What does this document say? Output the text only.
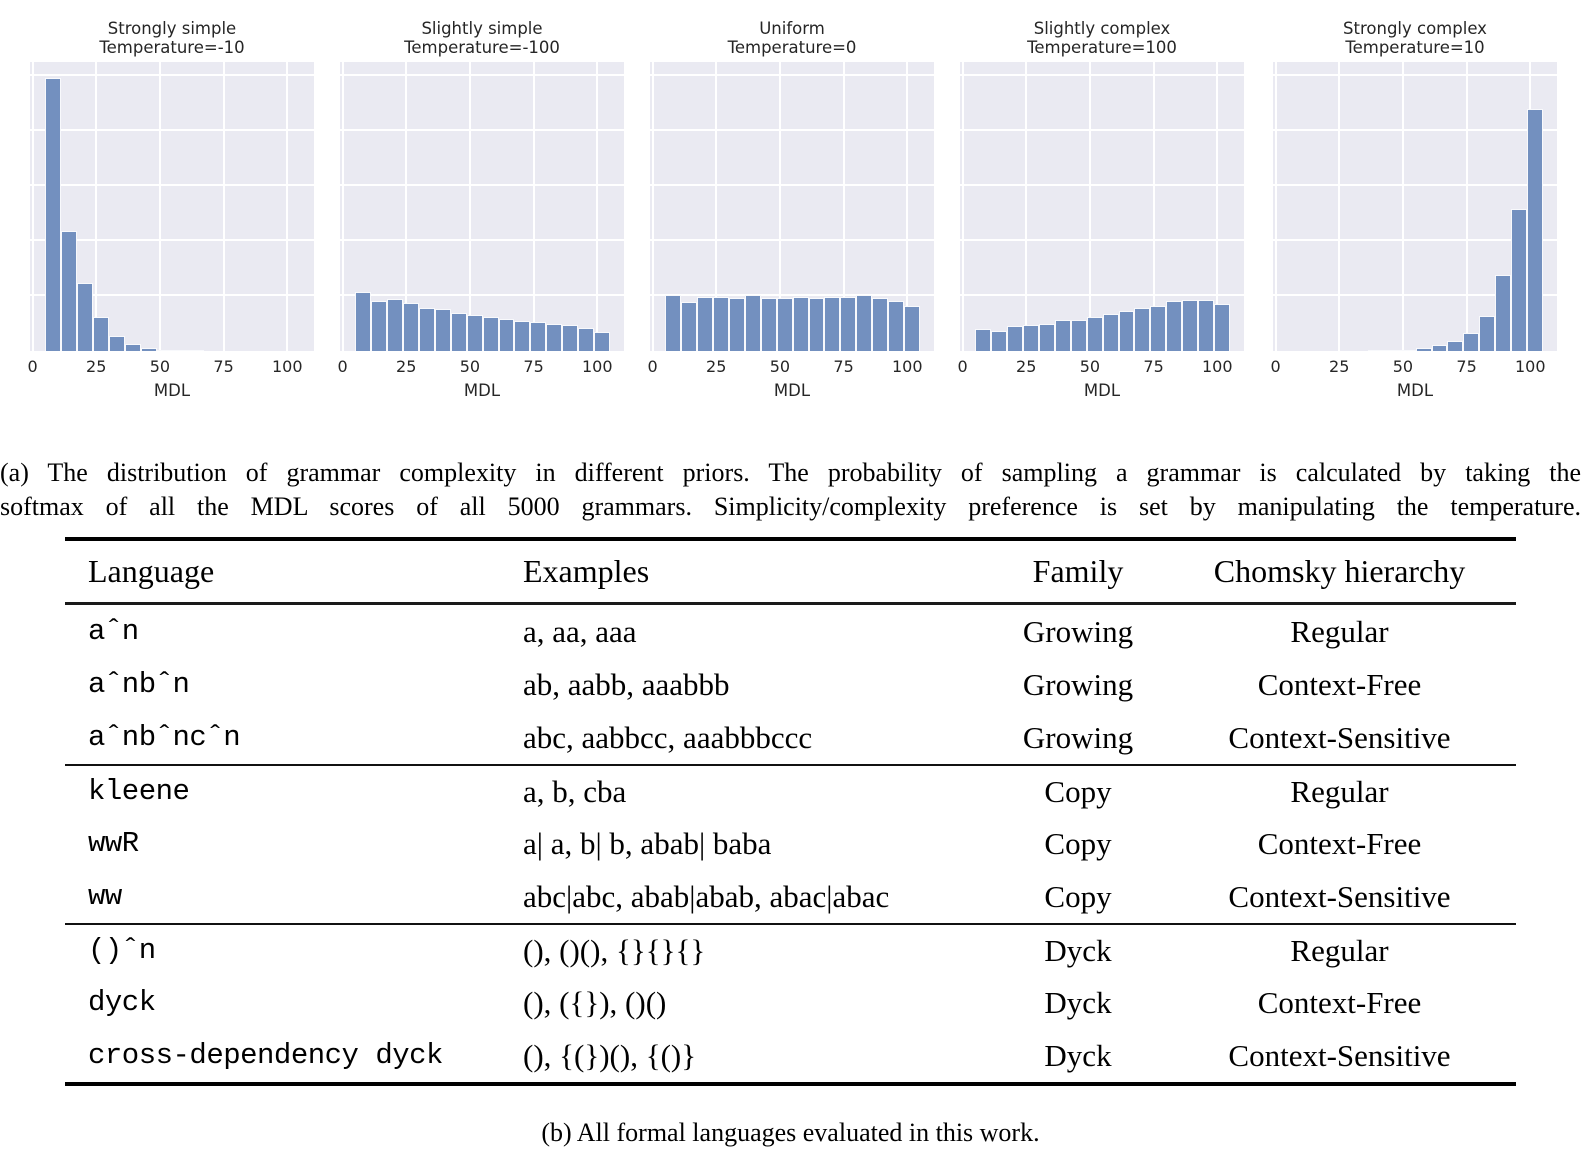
Strongly simple
Temperature=-10
0	25	50	75 100
MDL
Slightly simple
Temperature=-100
0	25	50	75 100
MDL
Uniform
Temperature=0
0	25	50	75 100
MDL
Slightly complex
Temperature=100
0	25	50	75 100
MDL
Strongly complex
Temperature=10
0	25	50	75 100
MDL
(a) The distribution of grammar complexity in different priors. The probability of sampling a grammar is calculated by taking the
softmax of all the MDL scores of all 5000 grammars. Simplicity/complexity preference is set by manipulating the temperature.
Language	Examples	Family	Chomsky hierarchy
aˆn	a, aa, aaa	Growing	Regular
aˆnbˆn	ab, aabb, aaabbb	Growing	Context-Free
aˆnbˆncˆn	abc, aabbcc, aaabbbccc	Growing	Context-Sensitive
kleene	a, b, cba	Copy	Regular
wwR	a| a, b| b, abab| baba	Copy	Context-Free
ww	abc|abc, abab|abab, abac|abac	Copy	Context-Sensitive
()ˆn	(), ()(), {}{}{}	Dyck	Regular
dyck	(), ({}), ()()	Dyck	Context-Free
cross-dependency dyck	(), {(})(), {()}	Dyck	Context-Sensitive
(b) All formal languages evaluated in this work.
